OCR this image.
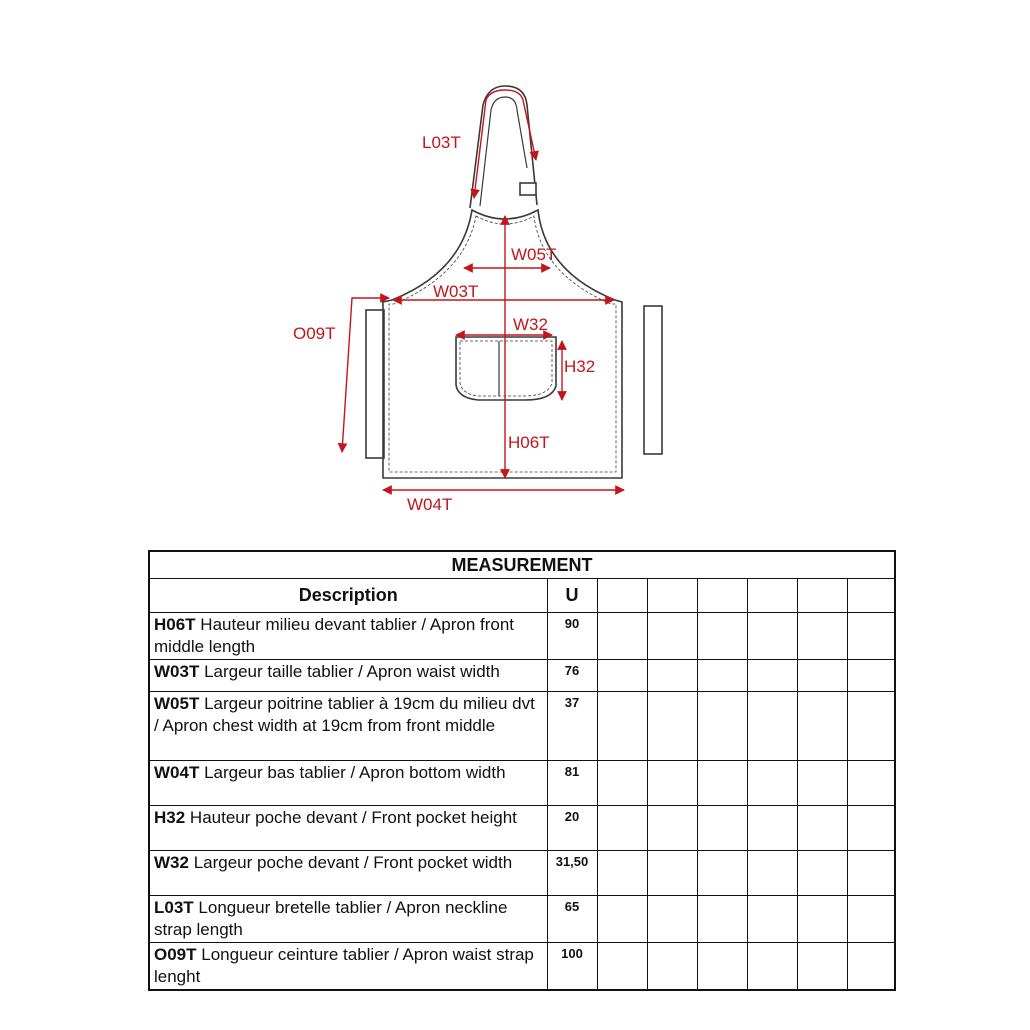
L03T
W05T
W03T
O09T	W32
H32
H06T
W04T
MEASUREMENT							
Description	U						
H06T Hauteur milieu devant tablier / Apron front middle length	90						
W03T Largeur taille tablier / Apron waist width	76						
W05T Largeur poitrine tablier à 19cm du milieu dvt / Apron chest width at 19cm from front middle	37						
W04T Largeur bas tablier / Apron bottom width	81						
H32 Hauteur poche devant / Front pocket height	20						
W32 Largeur poche devant / Front pocket width	31,50						
L03T Longueur bretelle tablier / Apron neckline strap length	65						
O09T Longueur ceinture tablier / Apron waist strap lenght	100						
